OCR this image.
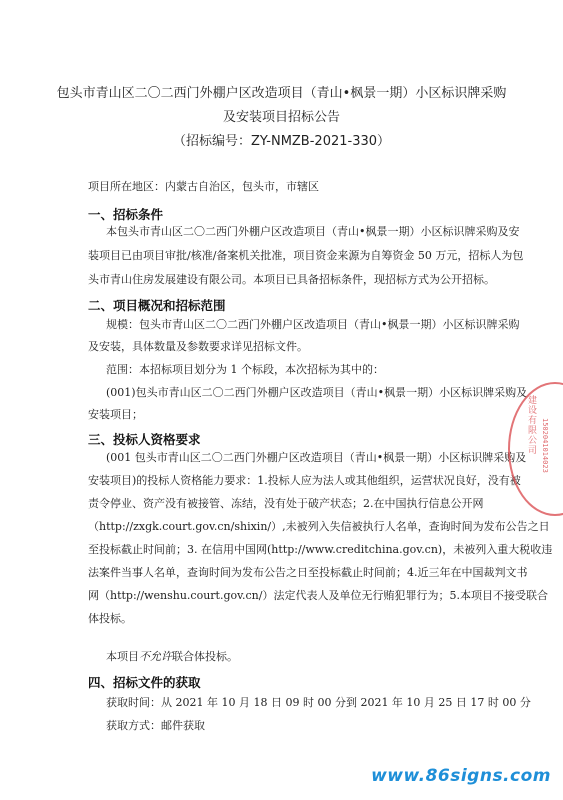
包头市青山区二〇二西门外棚户区改造项目（青山•枫景一期）小区标识牌采购
及安装项目招标公告
（招标编号：ZY-NMZB-2021-330）
项目所在地区：内蒙古自治区，包头市，市辖区
一、招标条件
本包头市青山区二〇二西门外棚户区改造项目（青山•枫景一期）小区标识牌采购及安
装项目已由项目审批/核准/备案机关批准，项目资金来源为自筹资金 50 万元，招标人为包
头市青山住房发展建设有限公司。本项目已具备招标条件，现招标方式为公开招标。
二、项目概况和招标范围
规模：包头市青山区二〇二西门外棚户区改造项目（青山•枫景一期）小区标识牌采购
及安装，具体数量及参数要求详见招标文件。
范围：本招标项目划分为 1 个标段，本次招标为其中的：
(001)包头市青山区二〇二西门外棚户区改造项目（青山•枫景一期）小区标识牌采购及
安装项目；
三、投标人资格要求
(001 包头市青山区二〇二西门外棚户区改造项目（青山•枫景一期）小区标识牌采购及
安装项目)的投标人资格能力要求：1.投标人应为法人或其他组织，运营状况良好，没有被
责令停业、资产没有被接管、冻结，没有处于破产状态；2.在中国执行信息公开网
（http://zxgk.court.gov.cn/shixin/）,未被列入失信被执行人名单，查询时间为发布公告之日
至投标截止时间前；3. 在信用中国网(http://www.creditchina.gov.cn)，未被列入重大税收违
法案件当事人名单，查询时间为发布公告之日至投标截止时间前；4.近三年在中国裁判文书
网（http://wenshu.court.gov.cn/）法定代表人及单位无行贿犯罪行为；5.本项目不接受联合
体投标。
本项目不允许联合体投标。
四、招标文件的获取
获取时间：从 2021 年 10 月 18 日 09 时 00 分到 2021 年 10 月 25 日 17 时 00 分
获取方式：邮件获取
建设有限公司 1502041014023
www.86signs.com
